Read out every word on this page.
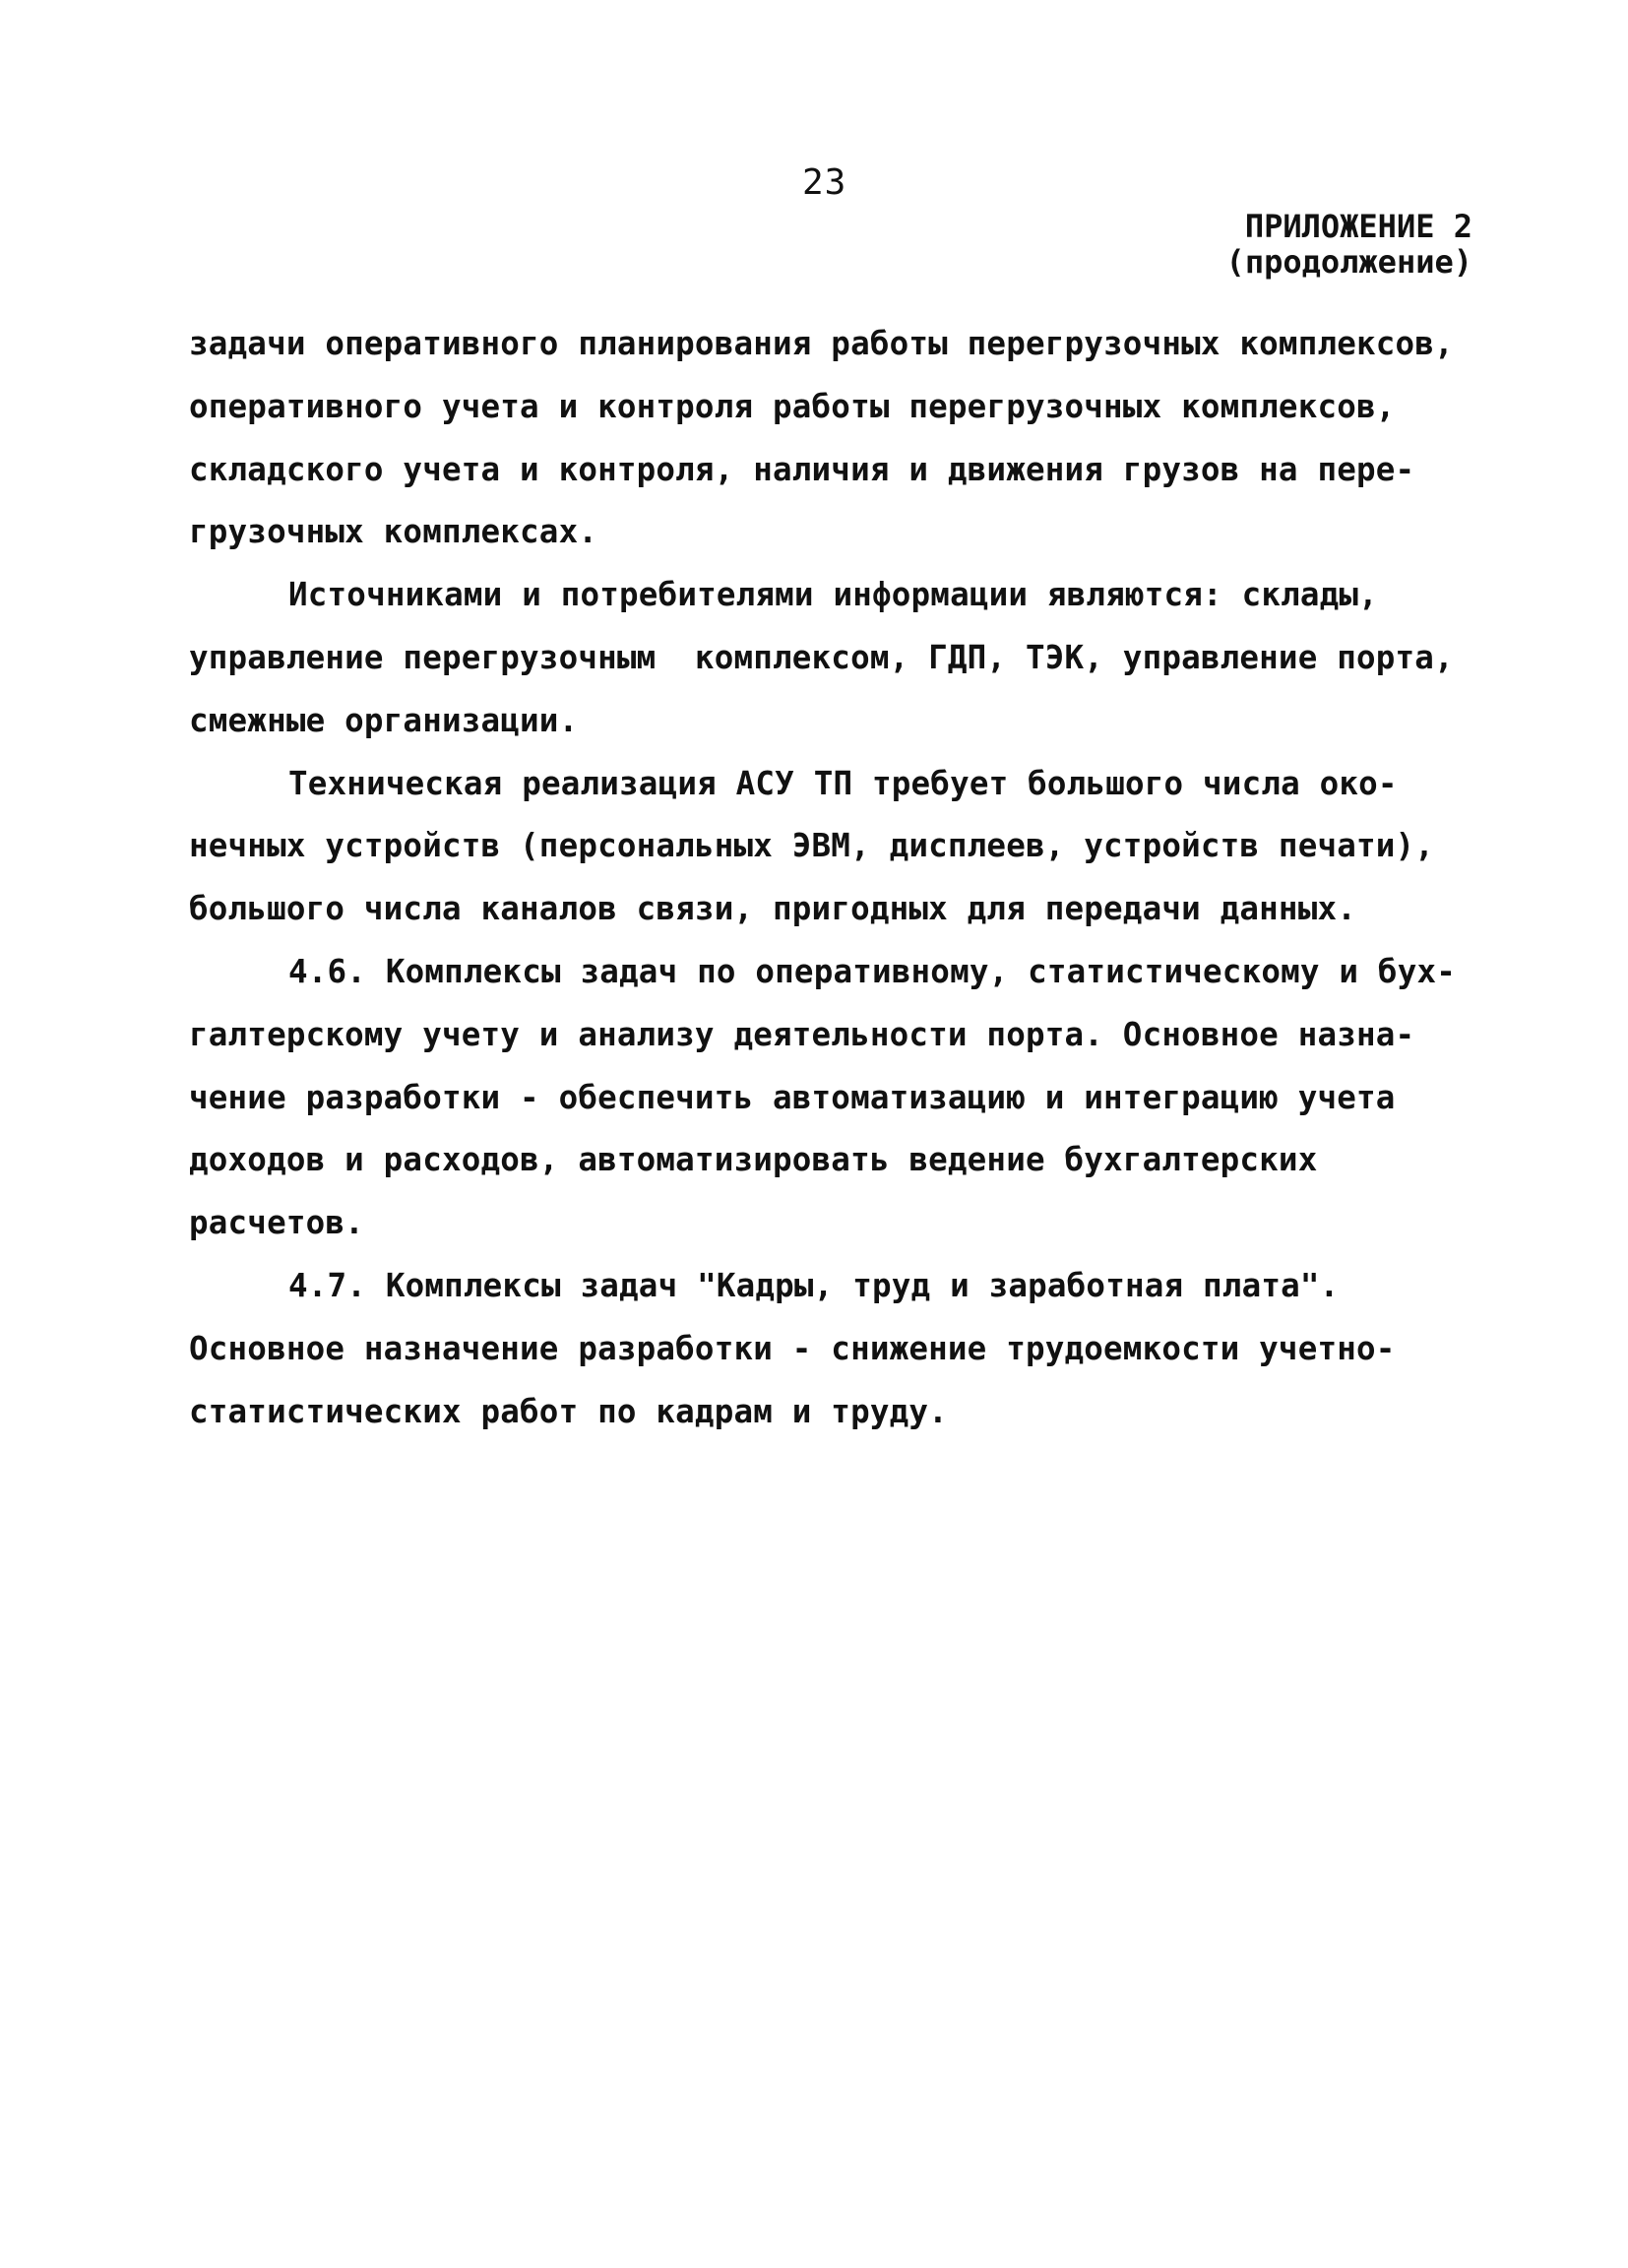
23
ПРИЛОЖЕНИЕ 2
(продолжение)
задачи оперативного планирования работы перегрузочных комплексов,
оперативного учета и контроля работы перегрузочных комплексов,
складского учета и контроля, наличия и движения грузов на пере-
грузочных комплексах.
Источниками и потребителями информации являются: склады,
управление перегрузочным  комплексом, ГДП, ТЭК, управление порта,
смежные организации.
Техническая реализация АСУ ТП требует большого числа око-
нечных устройств (персональных ЭВМ, дисплеев, устройств печати),
большого числа каналов связи, пригодных для передачи данных.
4.6. Комплексы задач по оперативному, статистическому и бух-
галтерскому учету и анализу деятельности порта. Основное назна-
чение разработки - обеспечить автоматизацию и интеграцию учета
доходов и расходов, автоматизировать ведение бухгалтерских
расчетов.
4.7. Комплексы задач "Кадры, труд и заработная плата".
Основное назначение разработки - снижение трудоемкости учетно-
статистических работ по кадрам и труду.
